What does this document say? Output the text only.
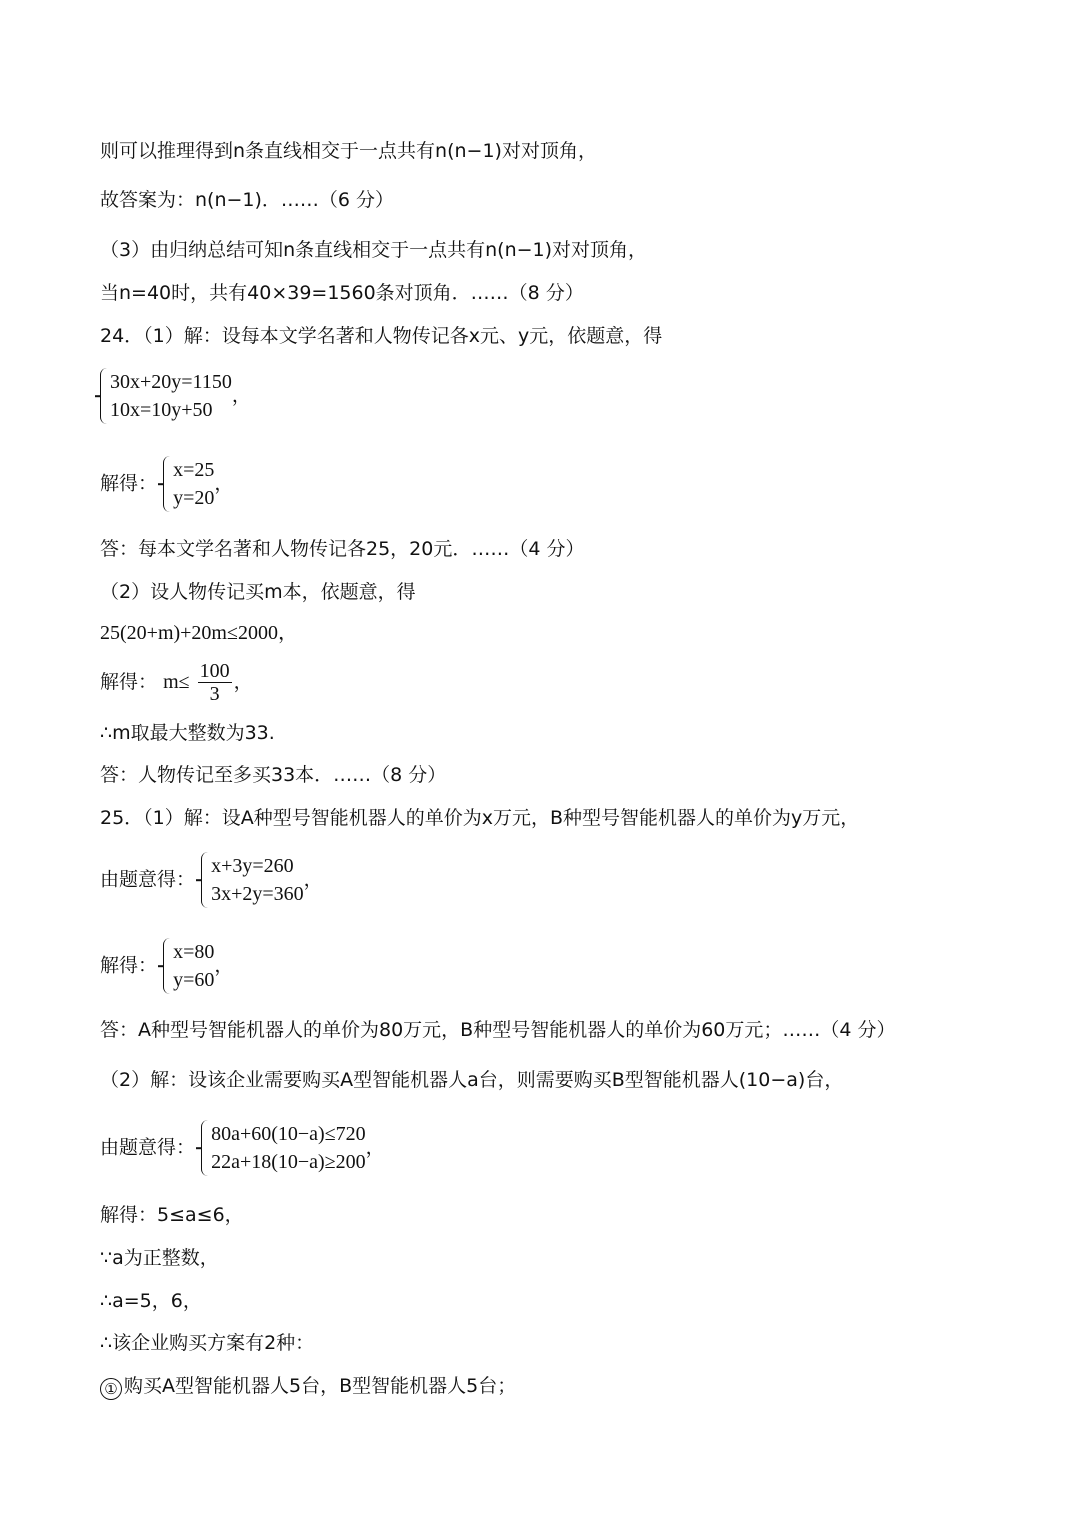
则可以推理得到n条直线相交于一点共有n(n−1)对对顶角，
故答案为：n(n−1)．……（6 分）
（3）由归纳总结可知n条直线相交于一点共有n(n−1)对对顶角，
当n=40时，共有40×39=1560条对顶角．……（8 分）
24．（1）解：设每本文学名著和人物传记各x元、y元，依题意，得
30x+20y=1150
10x=10y+50
，
解得：
x=25
y=20
，
答：每本文学名著和人物传记各25，20元．……（4 分）
（2）设人物传记买m本，依题意，得
25(20+m)+20m≤2000，
解得： $m\le \frac{100}{3}$ ，
∴m取最大整数为33.
答：人物传记至多买33本．……（8 分）
25．（1）解：设A种型号智能机器人的单价为x万元，B种型号智能机器人的单价为y万元，
由题意得：
x+3y=260
3x+2y=360
，
解得：
x=80
y=60
，
答：A种型号智能机器人的单价为80万元，B种型号智能机器人的单价为60万元；……（4 分）
（2）解：设该企业需要购买A型智能机器人a台，则需要购买B型智能机器人(10−a)台，
由题意得：
80a+60(10−a)≤720
22a+18(10−a)≥200
，
解得：5≤a≤6，
∵a为正整数，
∴a=5，6，
∴该企业购买方案有2种：
① 购买A型智能机器人5台，B型智能机器人5台；
